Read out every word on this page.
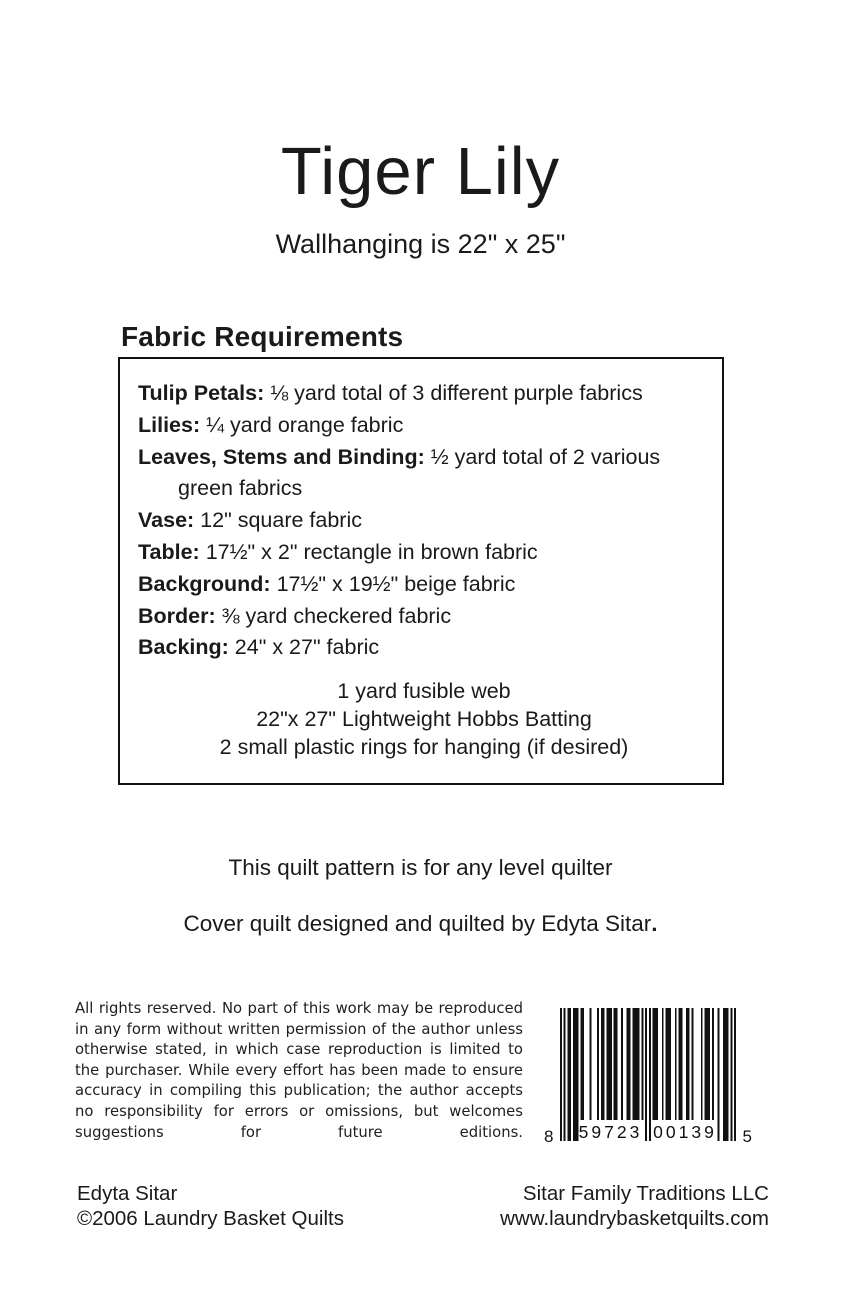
Tiger Lily
Wallhanging is 22" x 25"
Fabric Requirements
Tulip Petals: ⅛ yard total of 3 different purple fabrics
Lilies: ¼ yard orange fabric
Leaves, Stems and Binding: ½ yard total of 2 various green fabrics
Vase: 12" square fabric
Table: 17½" x 2" rectangle in brown fabric
Background: 17½" x 19½" beige fabric
Border: ⅜ yard checkered fabric
Backing: 24" x 27" fabric
1 yard fusible web
22"x 27" Lightweight Hobbs Batting
2 small plastic rings for hanging (if desired)
This quilt pattern is for any level quilter
Cover quilt designed and quilted by Edyta Sitar.
All rights reserved. No part of this work may be reproduced in any form without written permission of the author unless otherwise stated, in which case reproduction is limited to the purchaser. While every effort has been made to ensure accuracy in compiling this publication; the author accepts no responsibility for errors or omissions, but welcomes suggestions for future editions. 8 59723 00139 5
Edyta Sitar
©2006 Laundry Basket Quilts
Sitar Family Traditions LLC
www.laundrybasketquilts.com
